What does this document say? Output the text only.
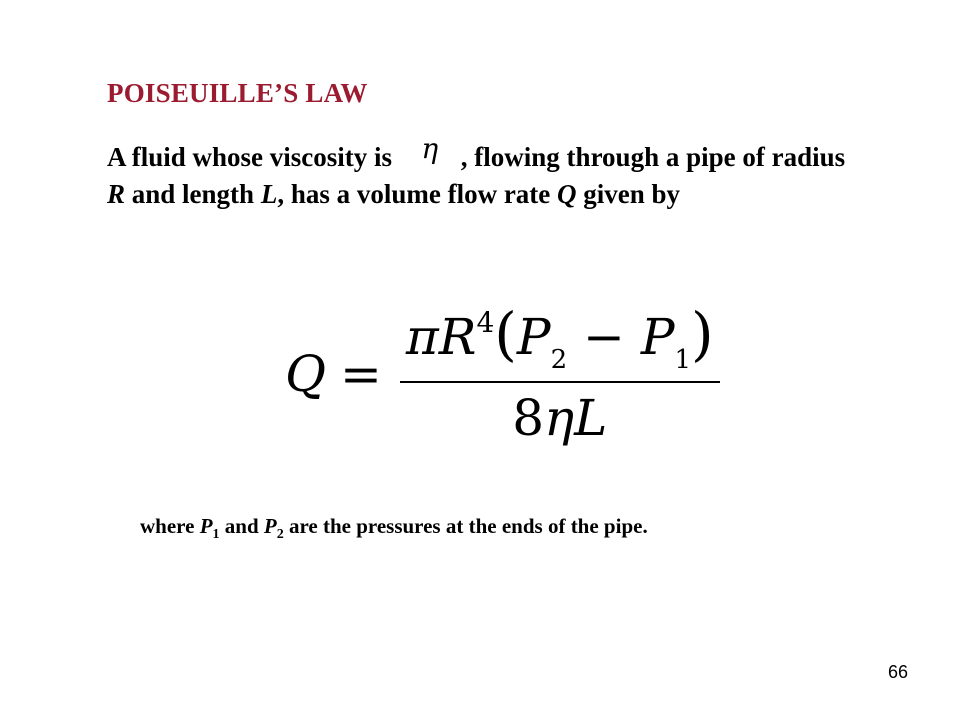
POISEUILLE’S LAW
A fluid whose viscosity is η , flowing through a pipe of radius R and length L, has a volume flow rate Q given by
$Q = \frac{\pi R^4(P_2 - P_1)}{8\eta L}$
where $P_1$ and $P_2$ are the pressures at the ends of the pipe.
66
